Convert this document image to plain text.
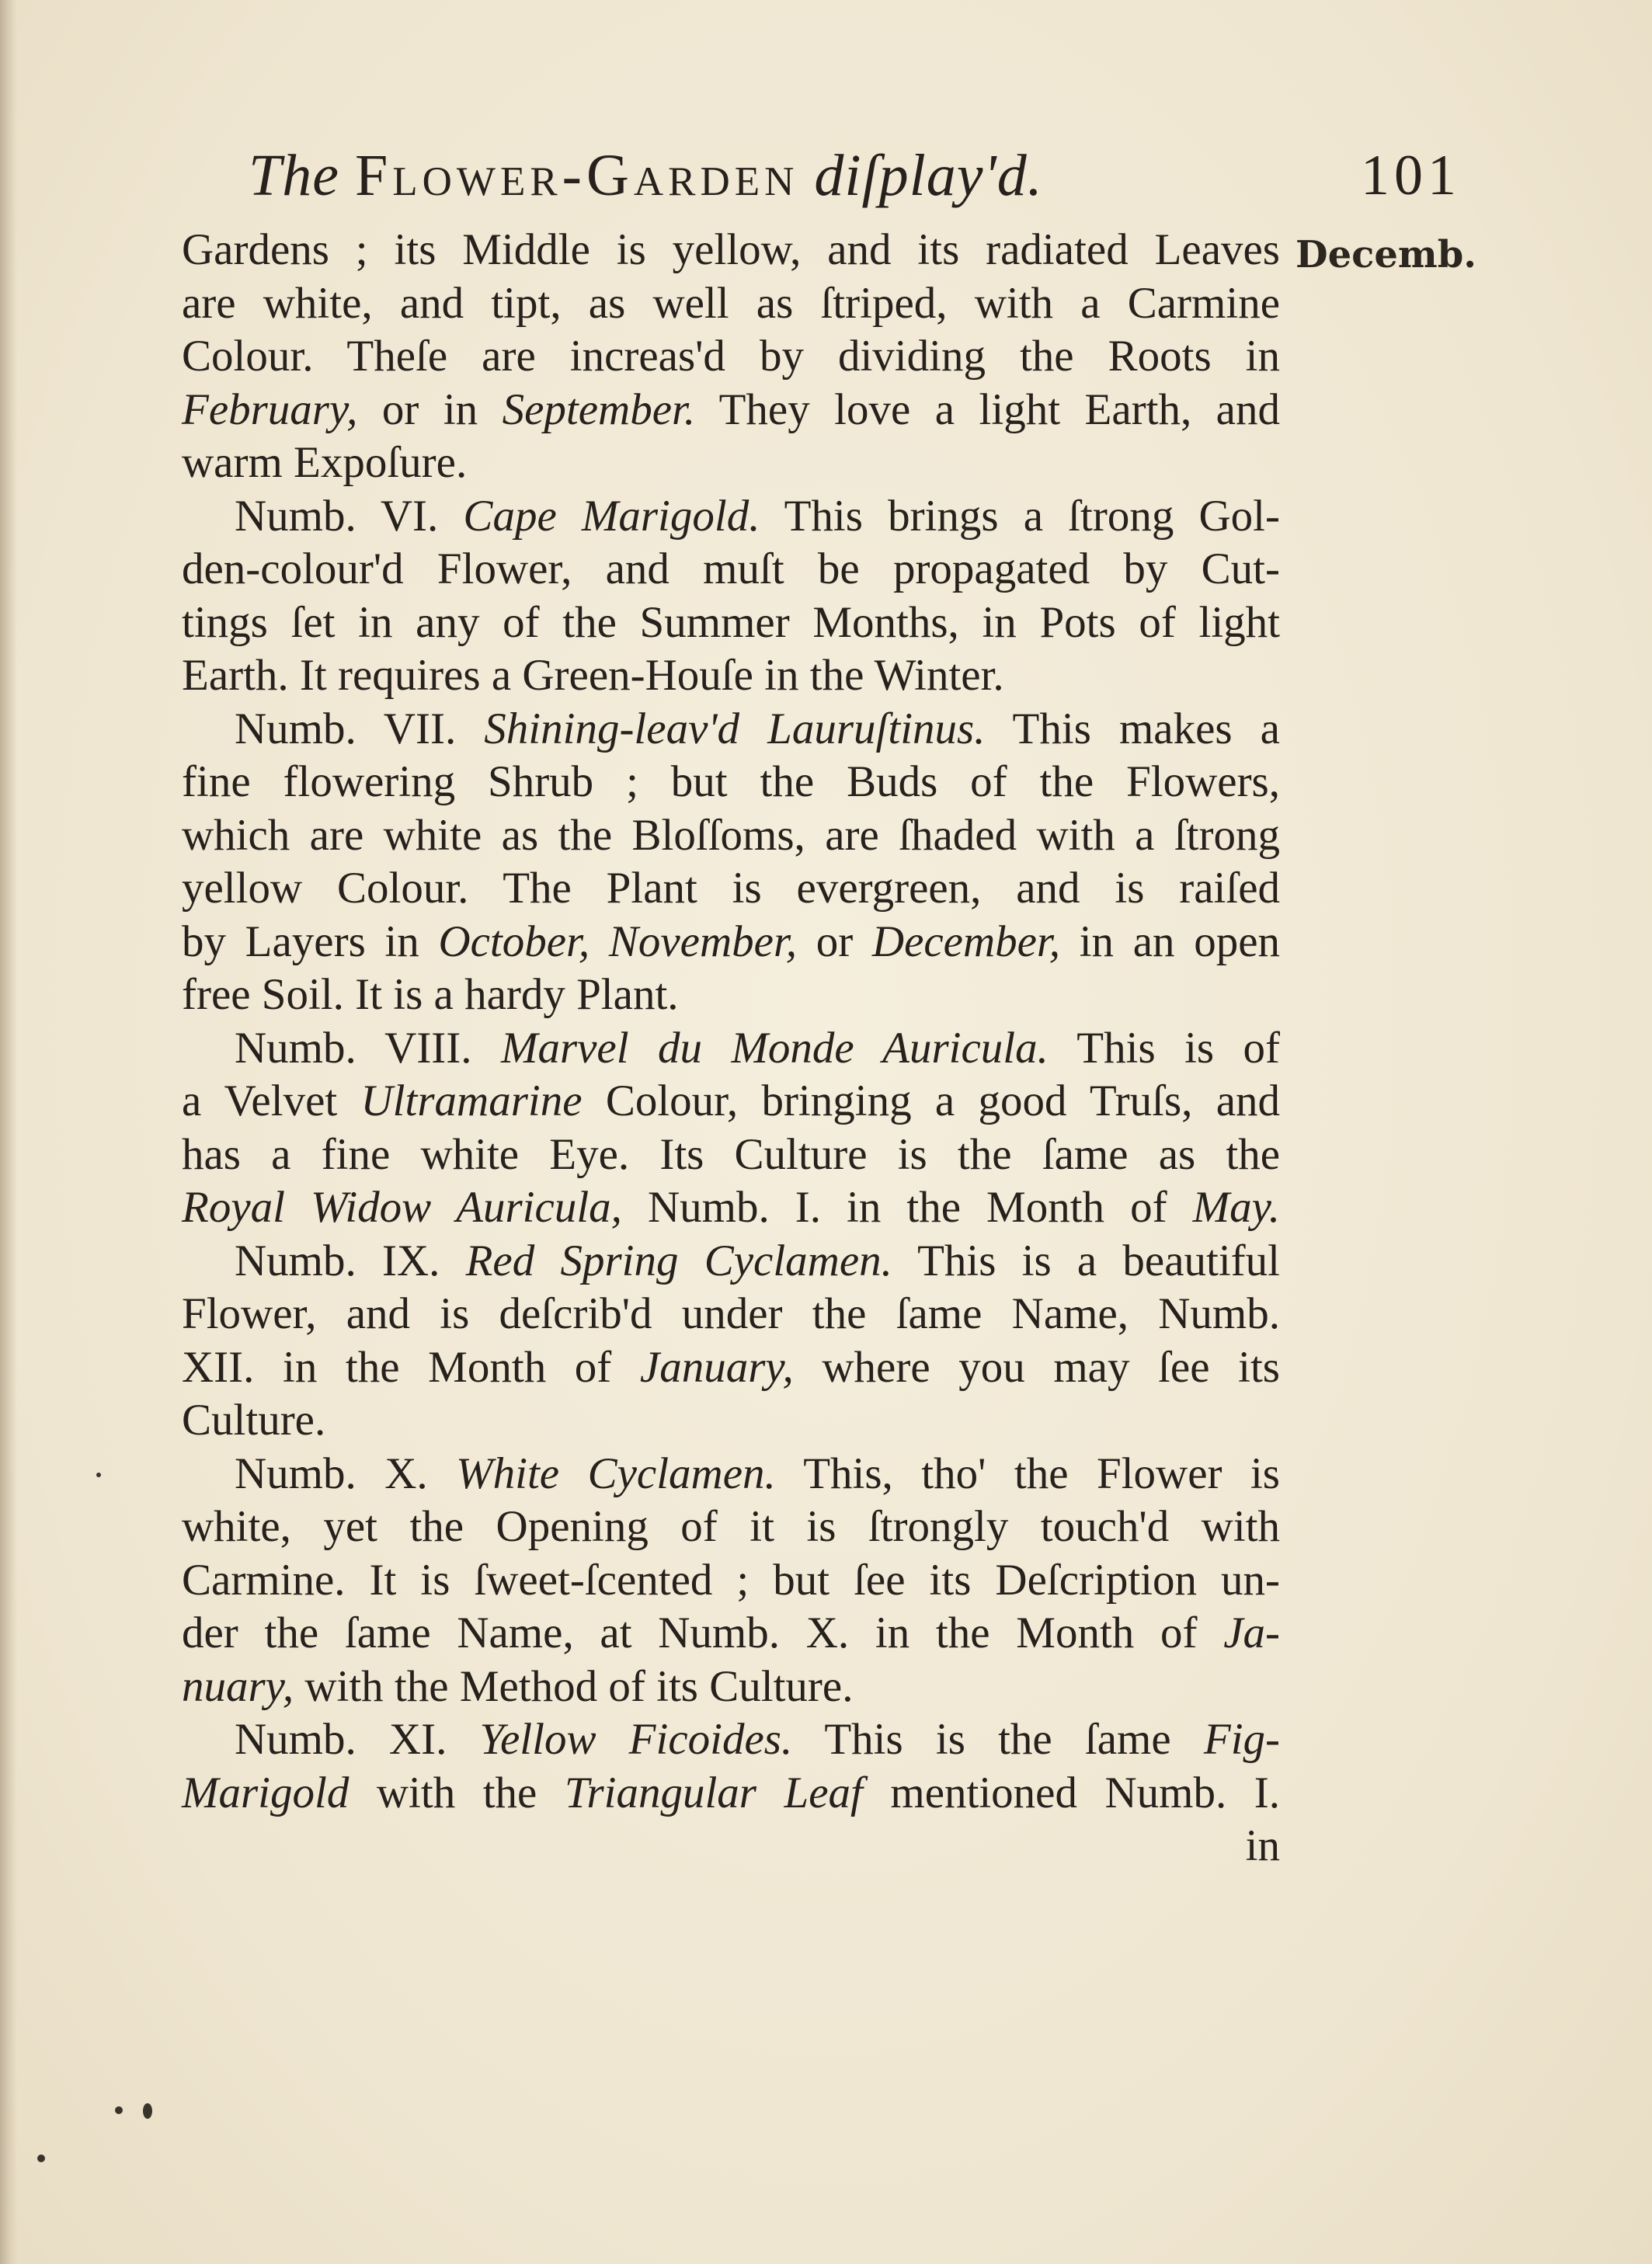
The Flower-Garden diſplay'd.	101
Decemb.
Gardens ; its Middle is yellow, and its radiated Leaves
are white, and tipt, as well as ſtriped, with a Carmine
Colour. Theſe are increas'd by dividing the Roots in
February, or in September. They love a light Earth, and
warm Expoſure.
Numb. VI. Cape Marigold. This brings a ſtrong Gol-
den-colour'd Flower, and muſt be propagated by Cut-
tings ſet in any of the Summer Months, in Pots of light
Earth. It requires a Green-Houſe in the Winter.
Numb. VII. Shining-leav'd Lauruſtinus. This makes a
fine flowering Shrub ; but the Buds of the Flowers,
which are white as the Bloſſoms, are ſhaded with a ſtrong
yellow Colour. The Plant is evergreen, and is raiſed
by Layers in October, November, or December, in an open
free Soil. It is a hardy Plant.
Numb. VIII. Marvel du Monde Auricula. This is of
a Velvet Ultramarine Colour, bringing a good Truſs, and
has a fine white Eye. Its Culture is the ſame as the
Royal Widow Auricula, Numb. I. in the Month of May.
Numb. IX. Red Spring Cyclamen. This is a beautiful
Flower, and is deſcrib'd under the ſame Name, Numb.
XII. in the Month of January, where you may ſee its
Culture.
Numb. X. White Cyclamen. This, tho' the Flower is
white, yet the Opening of it is ſtrongly touch'd with
Carmine. It is ſweet-ſcented ; but ſee its Deſcription un-
der the ſame Name, at Numb. X. in the Month of Ja-
nuary, with the Method of its Culture.
Numb. XI. Yellow Ficoides. This is the ſame Fig-
Marigold with the Triangular Leaf mentioned Numb. I.
in
